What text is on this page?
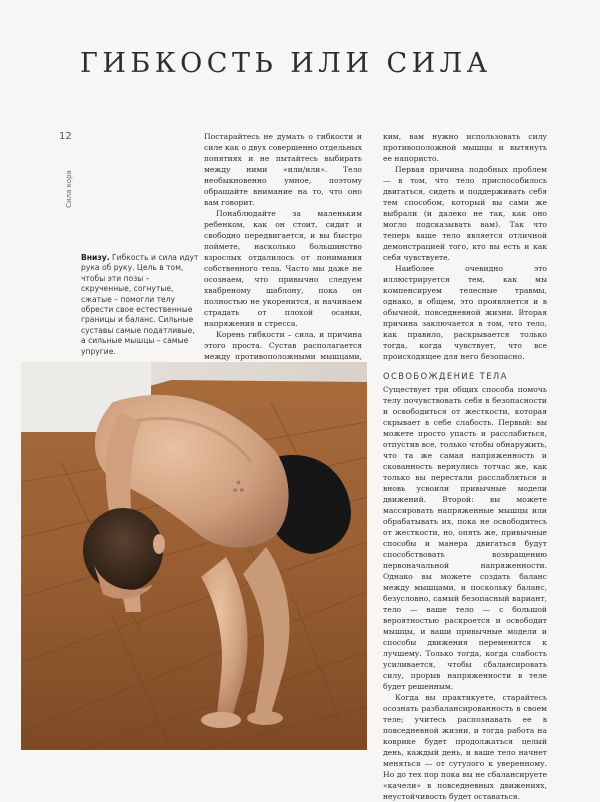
ГИБКОСТЬ ИЛИ СИЛА
12
Сила кора
Внизу. Гибкость и сила идут рука об руку. Цель в том, чтобы эти позы – скрученные, согнутые, сжатые – помогли телу обрести свое естественные границы и баланс. Сильные суставы самые податливые, а сильные мышцы – самые упругие.

Постарайтесь не думать о гибкости и силе как о двух совершенно отдельных понятиях и не пытайтесь выбирать между ними «или/или». Тело необыкновенно умное, поэтому обращайте внимание на то, что оно вам говорит.

Понаблюдайте за маленьким ребенком, как он стоит, сидит и свободно передвигается, и вы быстро поймете, насколько большинство взрослых отдалилось от понимания собственного тела. Часто мы даже не осознаем, что привычно следуем хвабреному шаблону, пока он полностью не укоренится, и начинаем страдать от плохой осанки, напряжения и стресса.

Корень гибкости – сила, и причина этого проста. Сустав располагается между противоположными мышцами,

ким, вам нужно использовать силу противоположной мышцы и вытянуть ее напористо.

Первая причина подобных проблем — в том, что тело приспособилось двигаться, сидеть и поддерживать себя тем способом, который вы сами же выбрали (и далеко не так, как оно могло подсказывать вам). Так что теперь ваше тело является отличной демонстрацией того, кто вы есть и как себя чувствуете.

Наиболее очевидно это иллюстрируется тем, как мы компенсируем телесные травмы, однако, в общем, это проявляется и в обычной, повседневной жизни. Вторая причина заключается в том, что тело, как правило, раскрывается только тогда, когда чувствует, что все происходящее для него безопасно.

ОСВОБОЖДЕНИЕ ТЕЛА

Существует три общих способа помочь телу почувствовать себя в безопасности и освободиться от жесткости, которая скрывает в себе слабость. Первый: вы можете просто упасть и расслабиться, отпустив все, только чтобы обнаружить, что та же самая напряженность и скованность вернулись тотчас же, как только вы перестали расслабляться и вновь усвоили привычные модели движений. Второй: вы можете массировать напряженные мышцы или обрабатывать их, пока не освободитесь от жесткости, но, опять же, привычные способы и манера двигаться будут способствовать возвращению первоначальной напряженности. Однако вы можете создать баланс между мышцами, и поскольку баланс, безусловно, самый безопасный вариант, тело — ваше тело — с большой вероятностью раскроется и освободит мышцы, и ваши привычные модели и способы движения переменятся к лучшему. Только тогда, когда слабость усиливается, чтобы сбалансировать силу, прорыв напряженности в теле будет решенным.

Когда вы практикуете, старайтесь осознать разбалансированность в своем теле; учитесь распознавать ее в повседневной жизни, и тогда работа на коврике будет продолжаться целый день, каждый день, и ваше тело начнет меняться — от сутулого к уверенному. Но до тех пор пока вы не сбалансируете «качели» в повседневных движениях, неустойчивость будет оставаться.

ஃ
